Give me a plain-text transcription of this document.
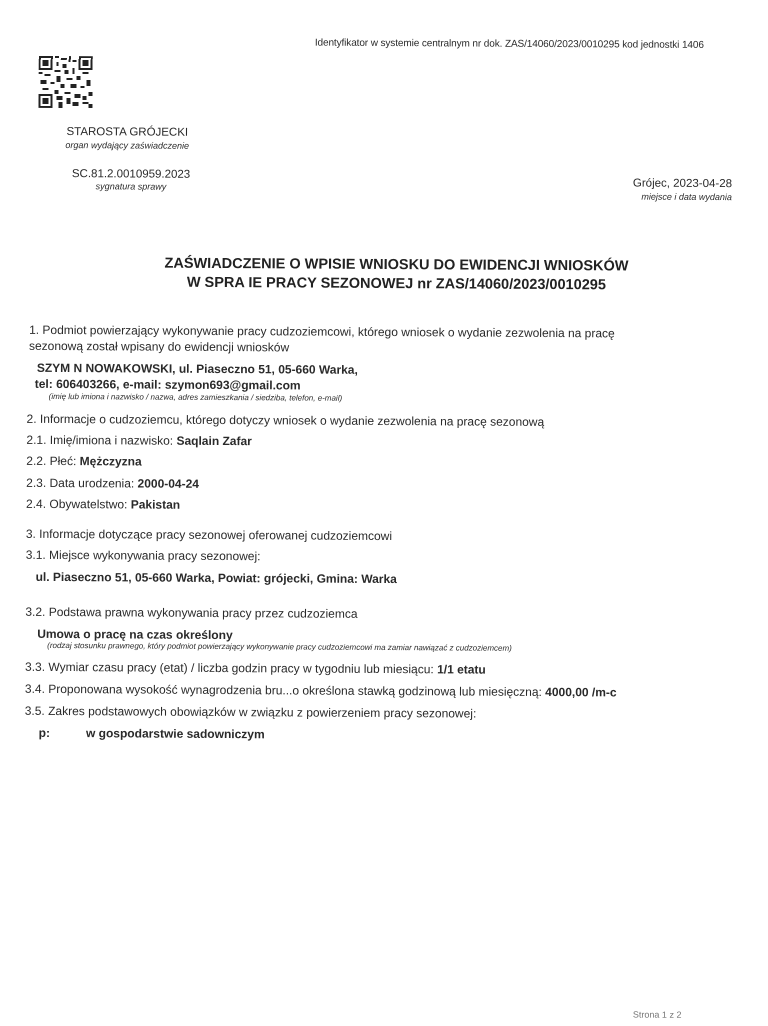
Identyfikator w systemie centralnym nr dok. ZAS/14060/2023/0010295 kod jednostki 1406
STAROSTA GRÓJECKI
organ wydający zaświadczenie
SC.81.2.0010959.2023
sygnatura sprawy	Grójec, 2023-04-28
miejsce i data wydania
ZAŚWIADCZENIE O WPISIE WNIOSKU DO EWIDENCJI WNIOSKÓW
W SPRA IE PRACY SEZONOWEJ nr ZAS/14060/2023/0010295
1. Podmiot powierzający wykonywanie pracy cudzoziemcowi, którego wniosek o wydanie zezwolenia na pracę
sezonową został wpisany do ewidencji wniosków
SZYM N NOWAKOWSKI, ul. Piaseczno 51, 05-660 Warka,
tel: 606403266, e-mail: szymon693@gmail.com
(imię lub imiona i nazwisko / nazwa, adres zamieszkania / siedziba, telefon, e-mail)
2. Informacje o cudzoziemcu, którego dotyczy wniosek o wydanie zezwolenia na pracę sezonową
2.1. Imię/imiona i nazwisko: Saqlain Zafar
2.2. Płeć: Mężczyzna
2.3. Data urodzenia: 2000-04-24
2.4. Obywatelstwo: Pakistan
3. Informacje dotyczące pracy sezonowej oferowanej cudzoziemcowi
3.1. Miejsce wykonywania pracy sezonowej:
ul. Piaseczno 51, 05-660 Warka, Powiat: grójecki, Gmina: Warka
3.2. Podstawa prawna wykonywania pracy przez cudzoziemca
Umowa o pracę na czas określony
(rodzaj stosunku prawnego, który podmiot powierzający wykonywanie pracy cudzoziemcowi ma zamiar nawiązać z cudzoziemcem)
3.3. Wymiar czasu pracy (etat) / liczba godzin pracy w tygodniu lub miesiącu: 1/1 etatu
3.4. Proponowana wysokość wynagrodzenia bru...o określona stawką godzinową lub miesięczną: 4000,00 /m-c
3.5. Zakres podstawowych obowiązków w związku z powierzeniem pracy sezonowej:
p:	w gospodarstwie sadowniczym
Strona 1 z 2
